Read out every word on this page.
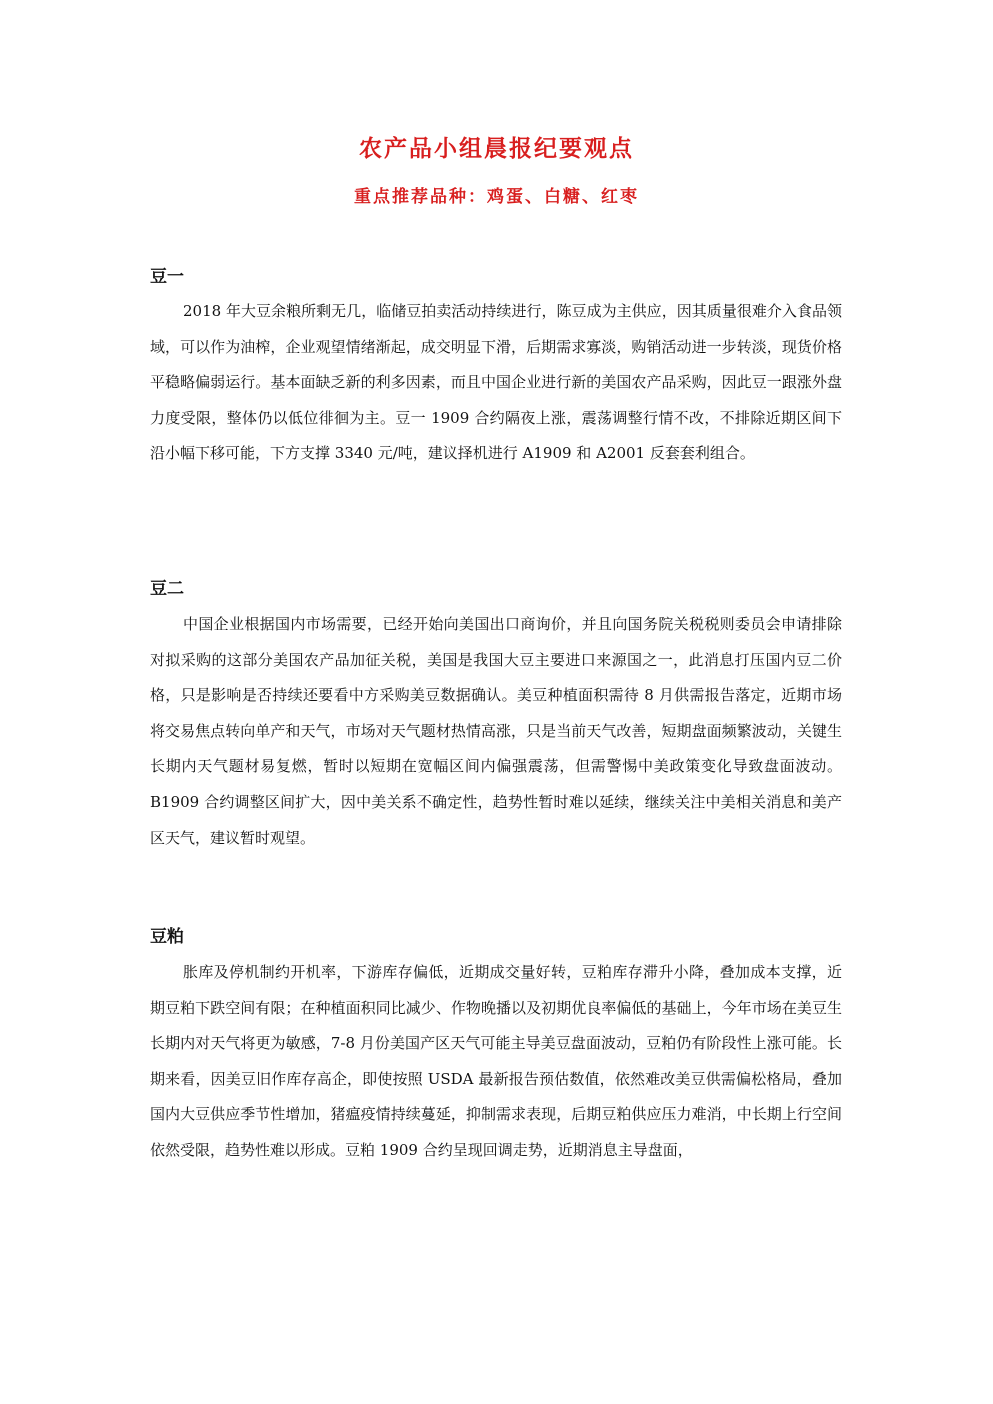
农产品小组晨报纪要观点
重点推荐品种：鸡蛋、白糖、红枣
豆一

2018 年大豆余粮所剩无几，临储豆拍卖活动持续进行，陈豆成为主供应，因其质量很难介入食品领域，可以作为油榨，企业观望情绪渐起，成交明显下滑，后期需求寡淡，购销活动进一步转淡，现货价格平稳略偏弱运行。基本面缺乏新的利多因素，而且中国企业进行新的美国农产品采购，因此豆一跟涨外盘力度受限，整体仍以低位徘徊为主。豆一 1909 合约隔夜上涨，震荡调整行情不改，不排除近期区间下沿小幅下移可能，下方支撑 3340 元/吨，建议择机进行 A1909 和 A2001 反套套利组合。

豆二

中国企业根据国内市场需要，已经开始向美国出口商询价，并且向国务院关税税则委员会申请排除对拟采购的这部分美国农产品加征关税，美国是我国大豆主要进口来源国之一，此消息打压国内豆二价格，只是影响是否持续还要看中方采购美豆数据确认。美豆种植面积需待 8 月供需报告落定，近期市场将交易焦点转向单产和天气，市场对天气题材热情高涨，只是当前天气改善，短期盘面频繁波动，关键生长期内天气题材易复燃，暂时以短期在宽幅区间内偏强震荡，但需警惕中美政策变化导致盘面波动。B1909 合约调整区间扩大，因中美关系不确定性，趋势性暂时难以延续，继续关注中美相关消息和美产区天气，建议暂时观望。

豆粕

胀库及停机制约开机率，下游库存偏低，近期成交量好转，豆粕库存滞升小降，叠加成本支撑，近期豆粕下跌空间有限；在种植面积同比减少、作物晚播以及初期优良率偏低的基础上，今年市场在美豆生长期内对天气将更为敏感，7-8 月份美国产区天气可能主导美豆盘面波动，豆粕仍有阶段性上涨可能。长期来看，因美豆旧作库存高企，即使按照 USDA 最新报告预估数值，依然难改美豆供需偏松格局，叠加国内大豆供应季节性增加，猪瘟疫情持续蔓延，抑制需求表现，后期豆粕供应压力难消，中长期上行空间依然受限，趋势性难以形成。豆粕 1909 合约呈现回调走势，近期消息主导盘面，
